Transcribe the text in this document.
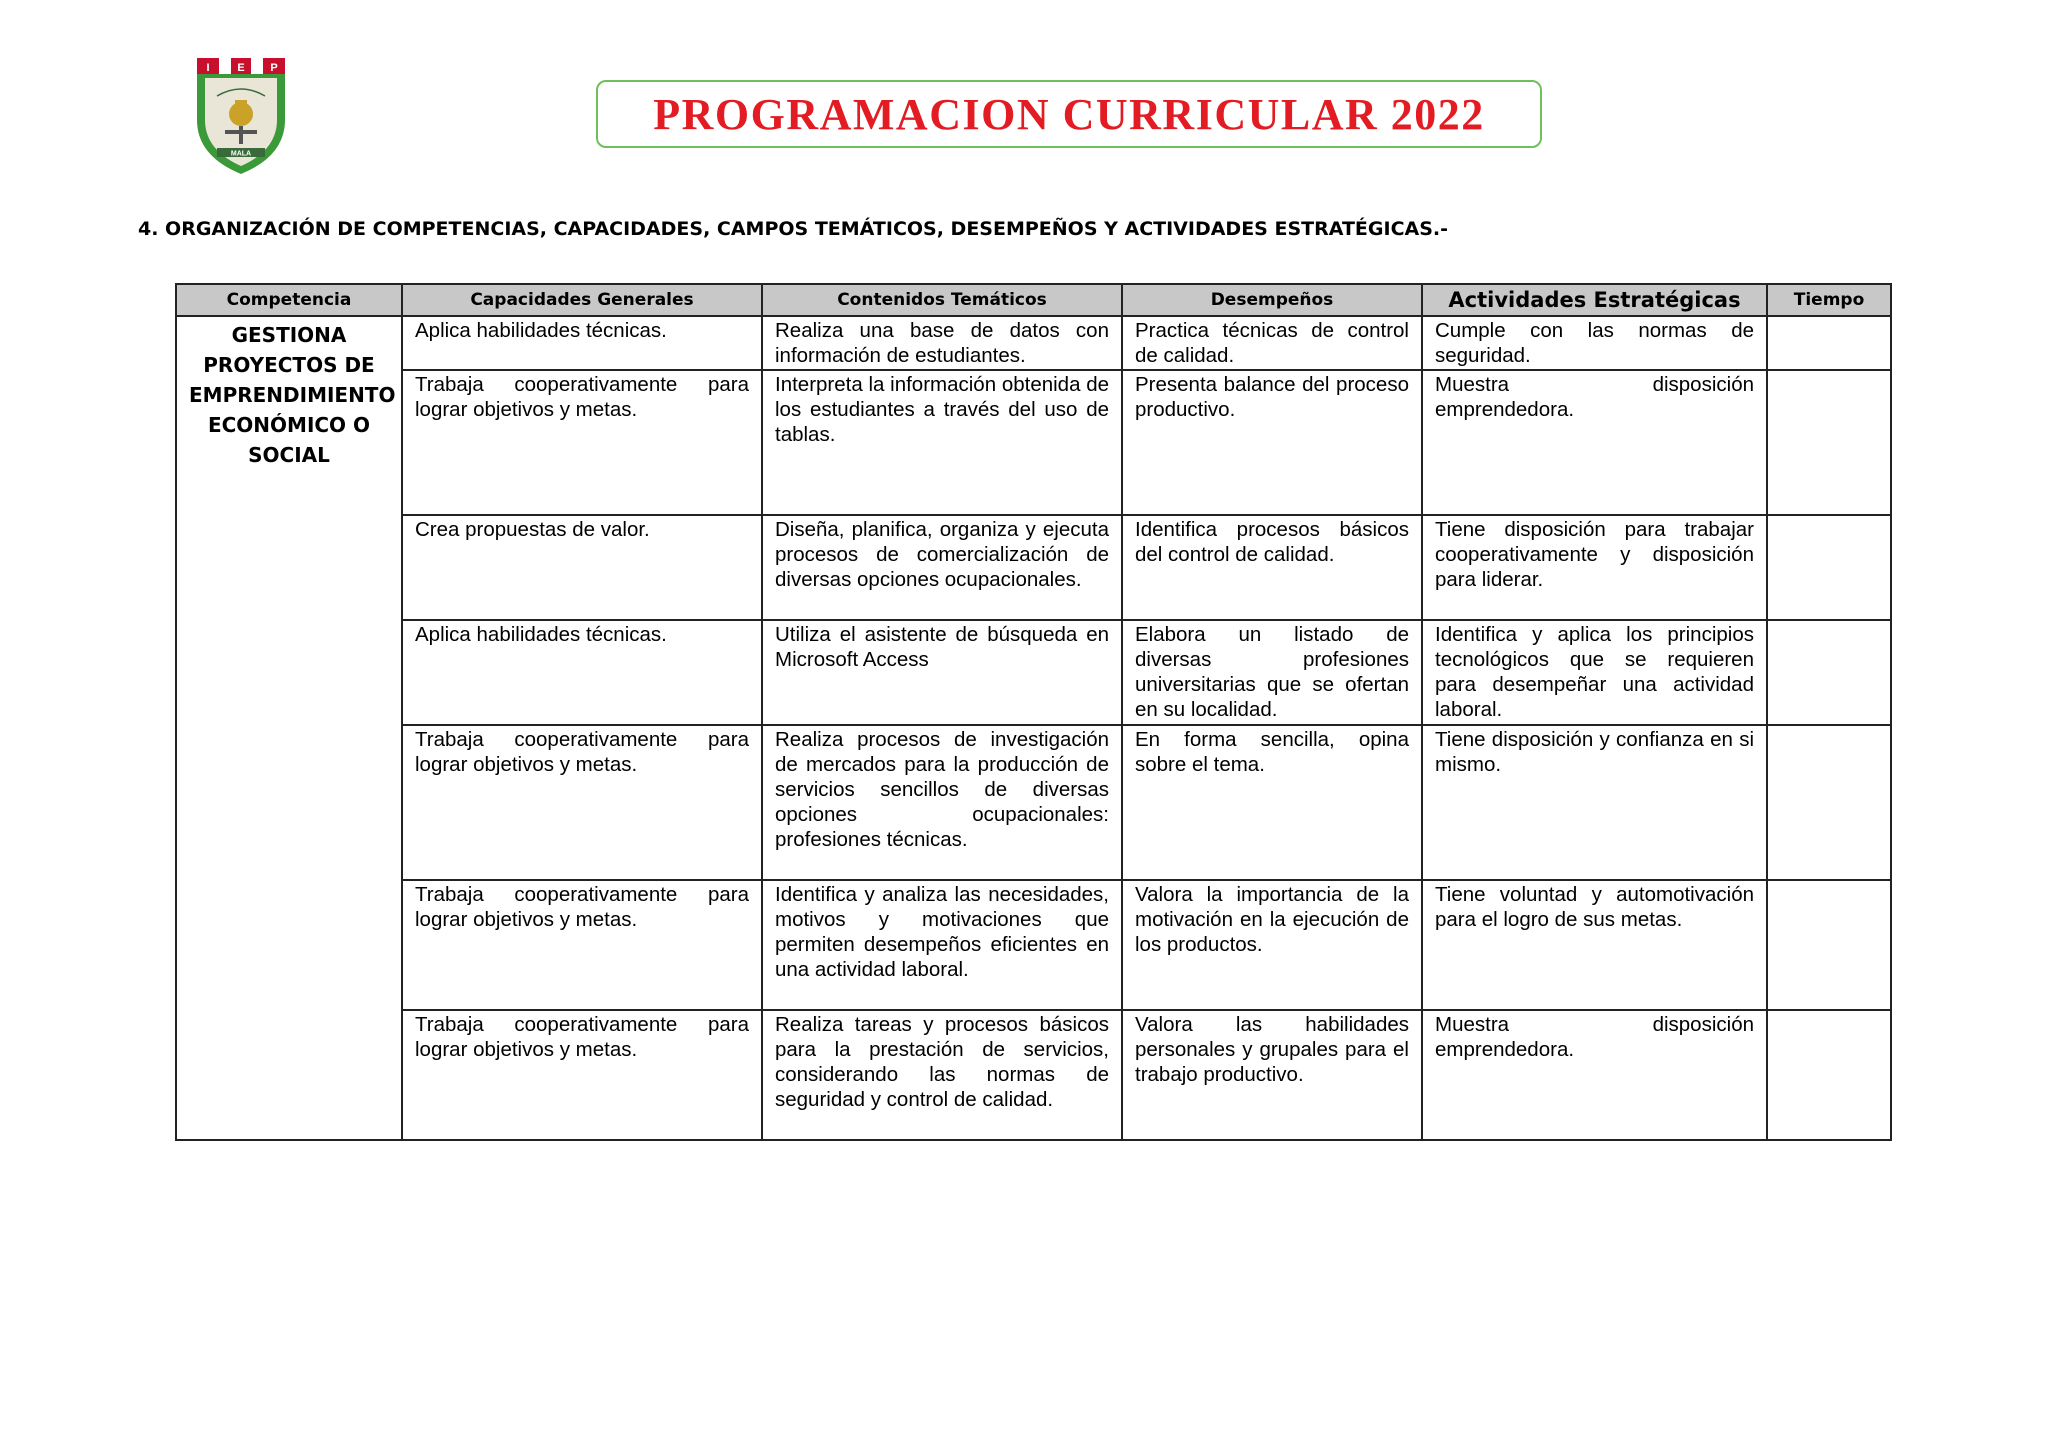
I	E P
MALA
PROGRAMACION CURRICULAR 2022
4. ORGANIZACIÓN DE COMPETENCIAS, CAPACIDADES, CAMPOS TEMÁTICOS, DESEMPEÑOS Y ACTIVIDADES ESTRATÉGICAS.-
Competencia	Capacidades Generales	Contenidos Temáticos	Desempeños	Actividades Estratégicas	Tiempo
GESTIONA PROYECTOS DE EMPRENDIMIENTO ECONÓMICO O SOCIAL	Aplica habilidades técnicas.	Realiza una base de datos con información de estudiantes.	Practica técnicas de control de calidad.	Cumple con las normas de seguridad.	
	Trabaja cooperativamente para lograr objetivos y metas.	Interpreta la información obtenida de los estudiantes a través del uso de tablas.	Presenta balance del proceso productivo.	Muestra disposición emprendedora.	
	Crea propuestas de valor.	Diseña, planifica, organiza y ejecuta procesos de comercialización de diversas opciones ocupacionales.	Identifica procesos básicos del control de calidad.	Tiene disposición para trabajar cooperativamente y disposición para liderar.	
	Aplica habilidades técnicas.	Utiliza el asistente de búsqueda en Microsoft Access	Elabora un listado de diversas profesiones universitarias que se ofertan en su localidad.	Identifica y aplica los principios tecnológicos que se requieren para desempeñar una actividad laboral.	
	Trabaja cooperativamente para lograr objetivos y metas.	Realiza procesos de investigación de mercados para la producción de servicios sencillos de diversas opciones ocupacionales: profesiones técnicas.	En forma sencilla, opina sobre el tema.	Tiene disposición y confianza en si mismo.	
	Trabaja cooperativamente para lograr objetivos y metas.	Identifica y analiza las necesidades, motivos y motivaciones que permiten desempeños eficientes en una actividad laboral.	Valora la importancia de la motivación en la ejecución de los productos.	Tiene voluntad y automotivación para el logro de sus metas.	
	Trabaja cooperativamente para lograr objetivos y metas.	Realiza tareas y procesos básicos para la prestación de servicios, considerando las normas de seguridad y control de calidad.	Valora las habilidades personales y grupales para el trabajo productivo.	Muestra disposición emprendedora.	
